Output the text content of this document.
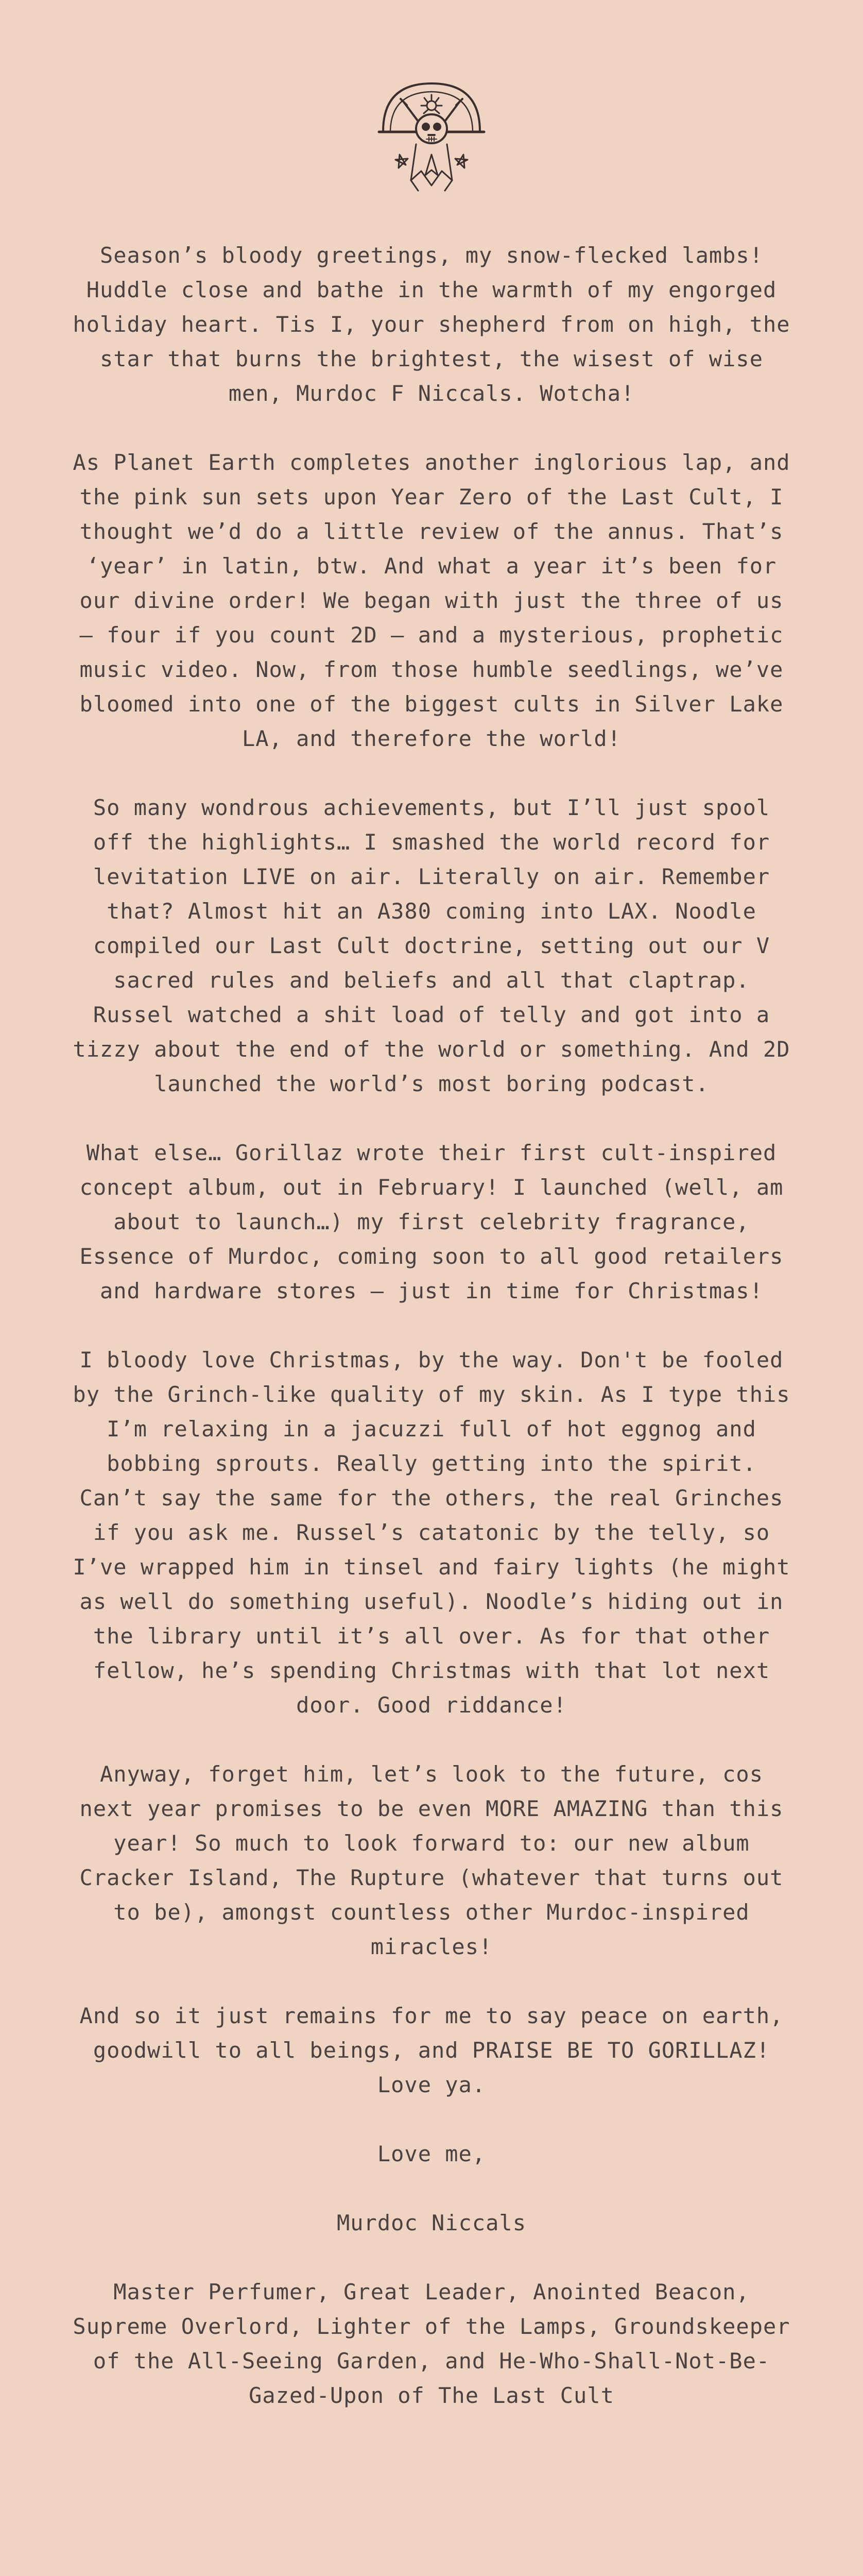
Season’s bloody greetings, my snow-flecked lambs! Huddle close and bathe in the warmth of my engorged holiday heart. Tis I, your shepherd from on high, the star that burns the brightest, the wisest of wise men, Murdoc F Niccals. Wotcha!

As Planet Earth completes another inglorious lap, and the pink sun sets upon Year Zero of the Last Cult, I thought we’d do a little review of the annus. That’s ‘year’ in latin, btw. And what a year it’s been for our divine order! We began with just the three of us – four if you count 2D – and a mysterious, prophetic music video. Now, from those humble seedlings, we’ve bloomed into one of the biggest cults in Silver Lake LA, and therefore the world!

So many wondrous achievements, but I’ll just spool off the highlights… I smashed the world record for levitation LIVE on air. Literally on air. Remember that? Almost hit an A380 coming into LAX. Noodle compiled our Last Cult doctrine, setting out our V sacred rules and beliefs and all that claptrap. Russel watched a shit load of telly and got into a tizzy about the end of the world or something. And 2D launched the world’s most boring podcast.

What else… Gorillaz wrote their first cult-inspired concept album, out in February! I launched (well, am about to launch…) my first celebrity fragrance, Essence of Murdoc, coming soon to all good retailers and hardware stores – just in time for Christmas!

I bloody love Christmas, by the way. Don't be fooled by the Grinch-like quality of my skin. As I type this I’m relaxing in a jacuzzi full of hot eggnog and bobbing sprouts. Really getting into the spirit. Can’t say the same for the others, the real Grinches if you ask me. Russel’s catatonic by the telly, so I’ve wrapped him in tinsel and fairy lights (he might as well do something useful). Noodle’s hiding out in the library until it’s all over. As for that other fellow, he’s spending Christmas with that lot next door. Good riddance!

Anyway, forget him, let’s look to the future, cos next year promises to be even MORE AMAZING than this year! So much to look forward to: our new album Cracker Island, The Rupture (whatever that turns out to be), amongst countless other Murdoc-inspired miracles!

And so it just remains for me to say peace on earth, goodwill to all beings, and PRAISE BE TO GORILLAZ! Love ya.

Love me,

Murdoc Niccals

Master Perfumer, Great Leader, Anointed Beacon, Supreme Overlord, Lighter of the Lamps, Groundskeeper of the All-Seeing Garden, and He-Who-Shall-Not-Be-Gazed-Upon of The Last Cult
